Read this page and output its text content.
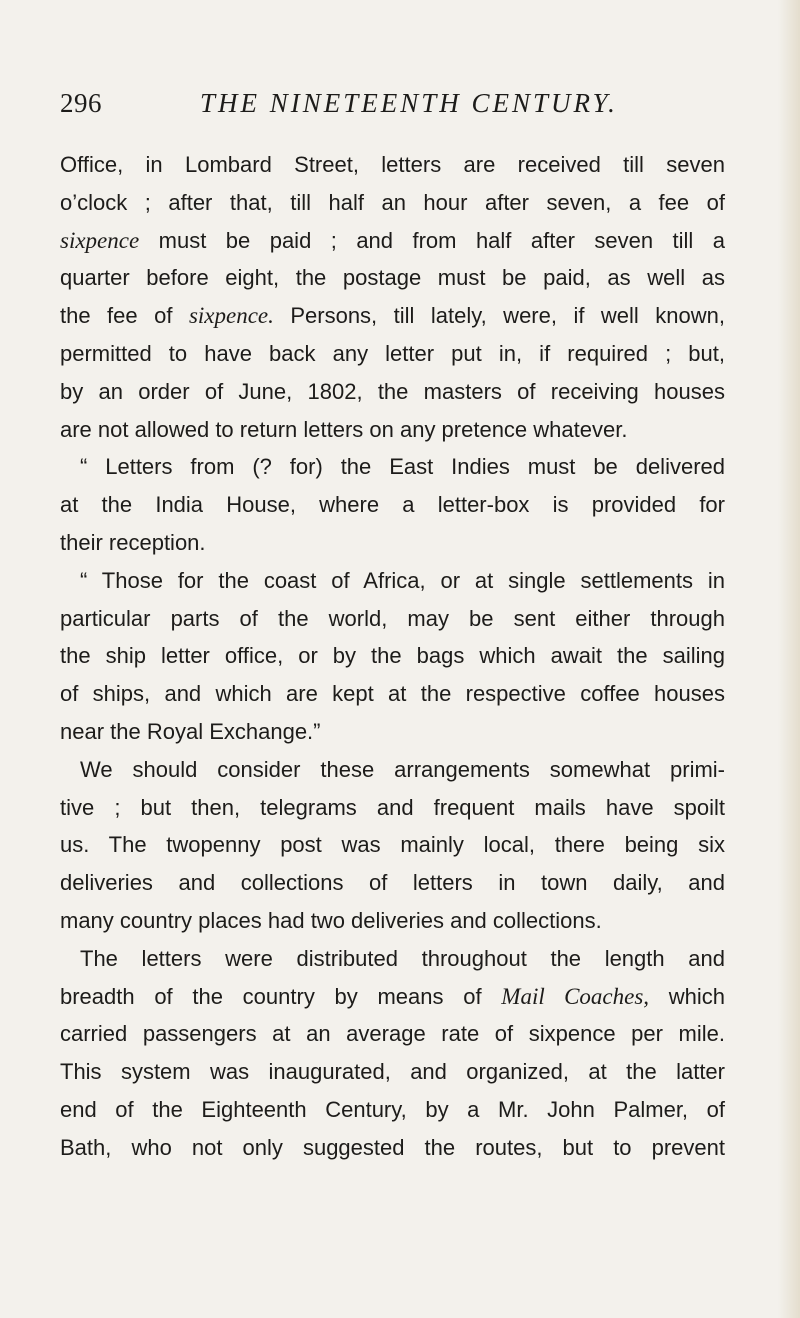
296	THE NINETEENTH CENTURY.
Office, in Lombard Street, letters are received till seven
o’clock ; after that, till half an hour after seven, a fee of
sixpence must be paid ; and from half after seven till a
quarter before eight, the postage must be paid, as well as
the fee of sixpence. Persons, till lately, were, if well known,
permitted to have back any letter put in, if required ; but,
by an order of June, 1802, the masters of receiving houses
are not allowed to return letters on any pretence whatever.
“ Letters from (? for) the East Indies must be delivered
at the India House, where a letter-box is provided for
their reception.
“ Those for the coast of Africa, or at single settlements in
particular parts of the world, may be sent either through
the ship letter office, or by the bags which await the sailing
of ships, and which are kept at the respective coffee houses
near the Royal Exchange.”
We should consider these arrangements somewhat primi-
tive ; but then, telegrams and frequent mails have spoilt
us. The twopenny post was mainly local, there being six
deliveries and collections of letters in town daily, and
many country places had two deliveries and collections.
The letters were distributed throughout the length and
breadth of the country by means of Mail Coaches, which
carried passengers at an average rate of sixpence per mile.
This system was inaugurated, and organized, at the latter
end of the Eighteenth Century, by a Mr. John Palmer, of
Bath, who not only suggested the routes, but to prevent
